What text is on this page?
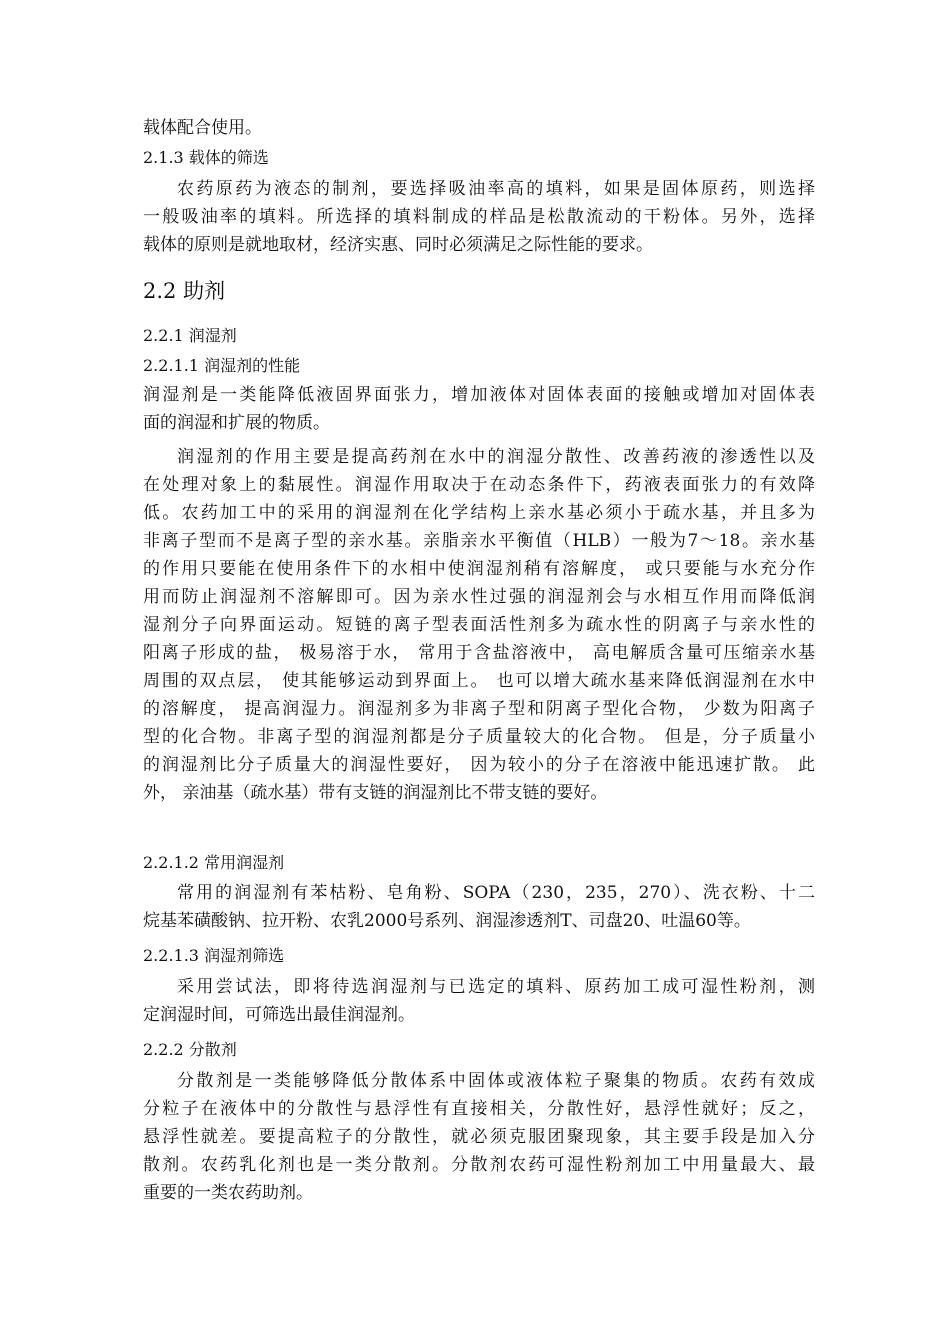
载体配合使用。
2.1.3 载体的筛选
农药原药为液态的制剂，要选择吸油率高的填料，如果是固体原药，则选择
一般吸油率的填料。所选择的填料制成的样品是松散流动的干粉体。另外，选择
载体的原则是就地取材，经济实惠、同时必须满足之际性能的要求。
2.2 助剂
2.2.1 润湿剂
2.2.1.1 润湿剂的性能
润湿剂是一类能降低液固界面张力，增加液体对固体表面的接触或增加对固体表
面的润湿和扩展的物质。
润湿剂的作用主要是提高药剂在水中的润湿分散性、改善药液的渗透性以及
在处理对象上的黏展性。润湿作用取决于在动态条件下，药液表面张力的有效降
低。农药加工中的采用的润湿剂在化学结构上亲水基必须小于疏水基，并且多为
非离子型而不是离子型的亲水基。亲脂亲水平衡值（HLB）一般为7～18。亲水基
的作用只要能在使用条件下的水相中使润湿剂稍有溶解度， 或只要能与水充分作
用而防止润湿剂不溶解即可。因为亲水性过强的润湿剂会与水相互作用而降低润
湿剂分子向界面运动。短链的离子型表面活性剂多为疏水性的阴离子与亲水性的
阳离子形成的盐， 极易溶于水， 常用于含盐溶液中， 高电解质含量可压缩亲水基
周围的双点层， 使其能够运动到界面上。 也可以增大疏水基来降低润湿剂在水中
的溶解度， 提高润湿力。润湿剂多为非离子型和阴离子型化合物， 少数为阳离子
型的化合物。非离子型的润湿剂都是分子质量较大的化合物。 但是，分子质量小
的润湿剂比分子质量大的润湿性要好， 因为较小的分子在溶液中能迅速扩散。 此
外， 亲油基（疏水基）带有支链的润湿剂比不带支链的要好。
2.2.1.2 常用润湿剂
常用的润湿剂有苯枯粉、皂角粉、SOPA（230，235，270）、洗衣粉、十二
烷基苯磺酸钠、拉开粉、农乳2000号系列、润湿渗透剂T、司盘20、吐温60等。
2.2.1.3 润湿剂筛选
采用尝试法，即将待选润湿剂与已选定的填料、原药加工成可湿性粉剂，测
定润湿时间，可筛选出最佳润湿剂。
2.2.2 分散剂
分散剂是一类能够降低分散体系中固体或液体粒子聚集的物质。农药有效成
分粒子在液体中的分散性与悬浮性有直接相关，分散性好，悬浮性就好；反之，
悬浮性就差。要提高粒子的分散性，就必须克服团聚现象，其主要手段是加入分
散剂。农药乳化剂也是一类分散剂。分散剂农药可湿性粉剂加工中用量最大、最
重要的一类农药助剂。
